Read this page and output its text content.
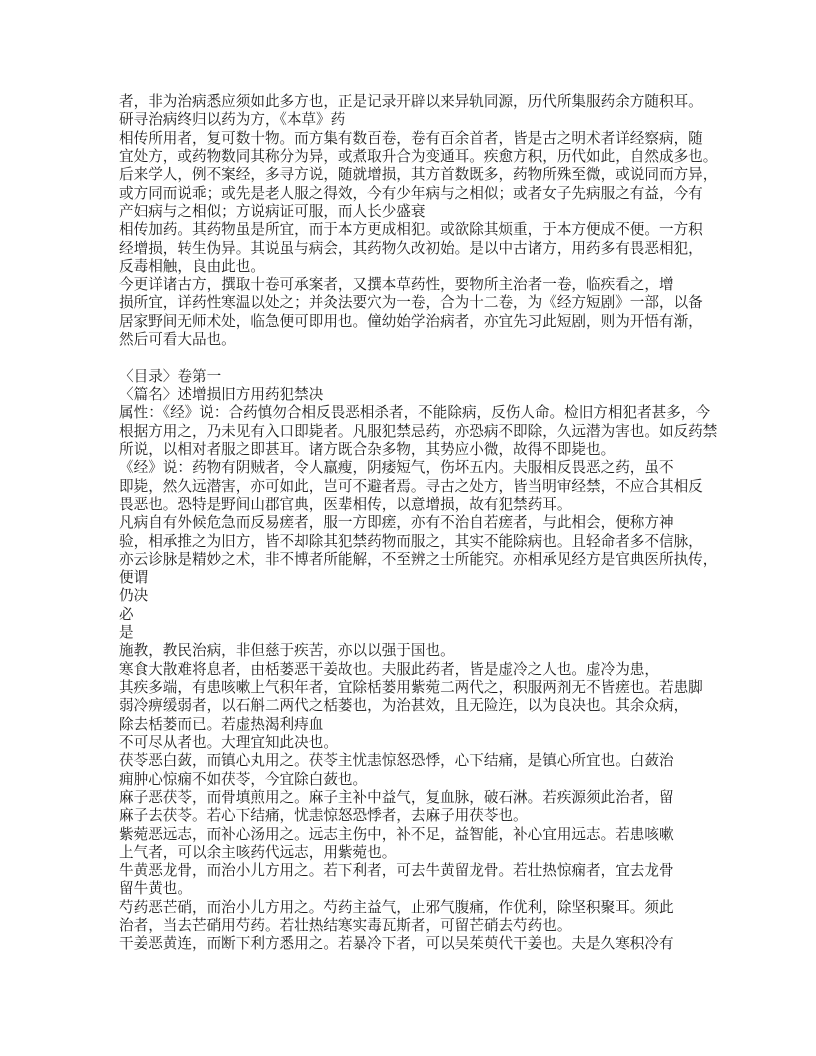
者，非为治病悉应须如此多方也，正是记录开辟以来异轨同源，历代所集服药余方随积耳。
研寻治病终归以药为方，《本草》药
相传所用者，复可数十物。而方集有数百卷，卷有百余首者，皆是古之明术者详经察病，随
宜处方，或药物数同其称分为异，或煮取升合为变通耳。疾愈方积，历代如此，自然成多也。
后来学人，例不案经，多寻方说，随就增损，其方首数既多，药物所殊至微，或说同而方异，
或方同而说乖；或先是老人服之得效，今有少年病与之相似；或者女子先病服之有益，今有
产妇病与之相似；方说病证可服，而人长少盛衰
相传加药。其药物虽是所宜，而于本方更成相犯。或欲除其烦重，于本方便成不便。一方积
经增损，转生伪异。其说虽与病会，其药物久改初始。是以中古诸方，用药多有畏恶相犯，
反毒相触，良由此也。
今更详诸古方，撰取十卷可承案者，又撰本草药性，要物所主治者一卷，临疾看之，增
损所宜，详药性寒温以处之；并灸法要穴为一卷，合为十二卷，为《经方短剧》一部，以备
居家野间无师术处，临急便可即用也。僮幼始学治病者，亦宜先习此短剧，则为开悟有渐，
然后可看大品也。

〈目录〉卷第一
〈篇名〉述增损旧方用药犯禁决
属性：《经》说：合药慎勿合相反畏恶相杀者，不能除病，反伤人命。检旧方相犯者甚多，今
根据方用之，乃未见有入口即毙者。凡服犯禁忌药，亦恐病不即除，久远潜为害也。如反药禁
所说，以相对者服之即甚耳。诸方既合杂多物，其势应小微，故得不即毙也。
《经》说：药物有阴贼者，令人羸瘦，阴痿短气，伤坏五内。夫服相反畏恶之药，虽不
即毙，然久远潜害，亦可如此，岂可不避者焉。寻古之处方，皆当明审经禁，不应合其相反
畏恶也。恐特是野间山郡官典，医辈相传，以意增损，故有犯禁药耳。
凡病自有外候危急而反易瘥者，服一方即瘥，亦有不治自若瘥者，与此相会，便称方神
验，相承推之为旧方，皆不却除其犯禁药物而服之，其实不能除病也。且轻命者多不信脉，
亦云诊脉是精妙之术，非不博者所能解，不至辨之士所能究。亦相承见经方是官典医所执传，
便谓
仍决
必
是
施教，教民治病，非但慈于疾苦，亦以以强于国也。
寒食大散难将息者，由栝蒌恶干姜故也。夫服此药者，皆是虚冷之人也。虚冷为患，
其疾多端，有患咳嗽上气积年者，宜除栝蒌用紫菀二两代之，积服两剂无不皆瘥也。若患脚
弱冷痹缓弱者，以石斛二两代之栝蒌也，为治甚效，且无险迕，以为良决也。其余众病，
除去栝蒌而已。若虚热渴利痔血
不可尽从者也。大理宜知此决也。
茯苓恶白蔹，而镇心丸用之。茯苓主忧恚惊怒恐悸，心下结痛，是镇心所宜也。白蔹治
痈肿心惊痫不如茯苓，今宜除白蔹也。
麻子恶茯苓，而骨填煎用之。麻子主补中益气，复血脉，破石淋。若疾源须此治者，留
麻子去茯苓。若心下结痛，忧恚惊怒恐悸者，去麻子用茯苓也。
紫菀恶远志，而补心汤用之。远志主伤中，补不足，益智能，补心宜用远志。若患咳嗽
上气者，可以余主咳药代远志，用紫菀也。
牛黄恶龙骨，而治小儿方用之。若下利者，可去牛黄留龙骨。若壮热惊痫者，宜去龙骨
留牛黄也。
芍药恶芒硝，而治小儿方用之。芍药主益气，止邪气腹痛，作优利，除坚积聚耳。须此
治者，当去芒硝用芍药。若壮热结寒实毒瓦斯者，可留芒硝去芍药也。
干姜恶黄连，而断下利方悉用之。若暴冷下者，可以吴茱萸代干姜也。夫是久寒积冷有
